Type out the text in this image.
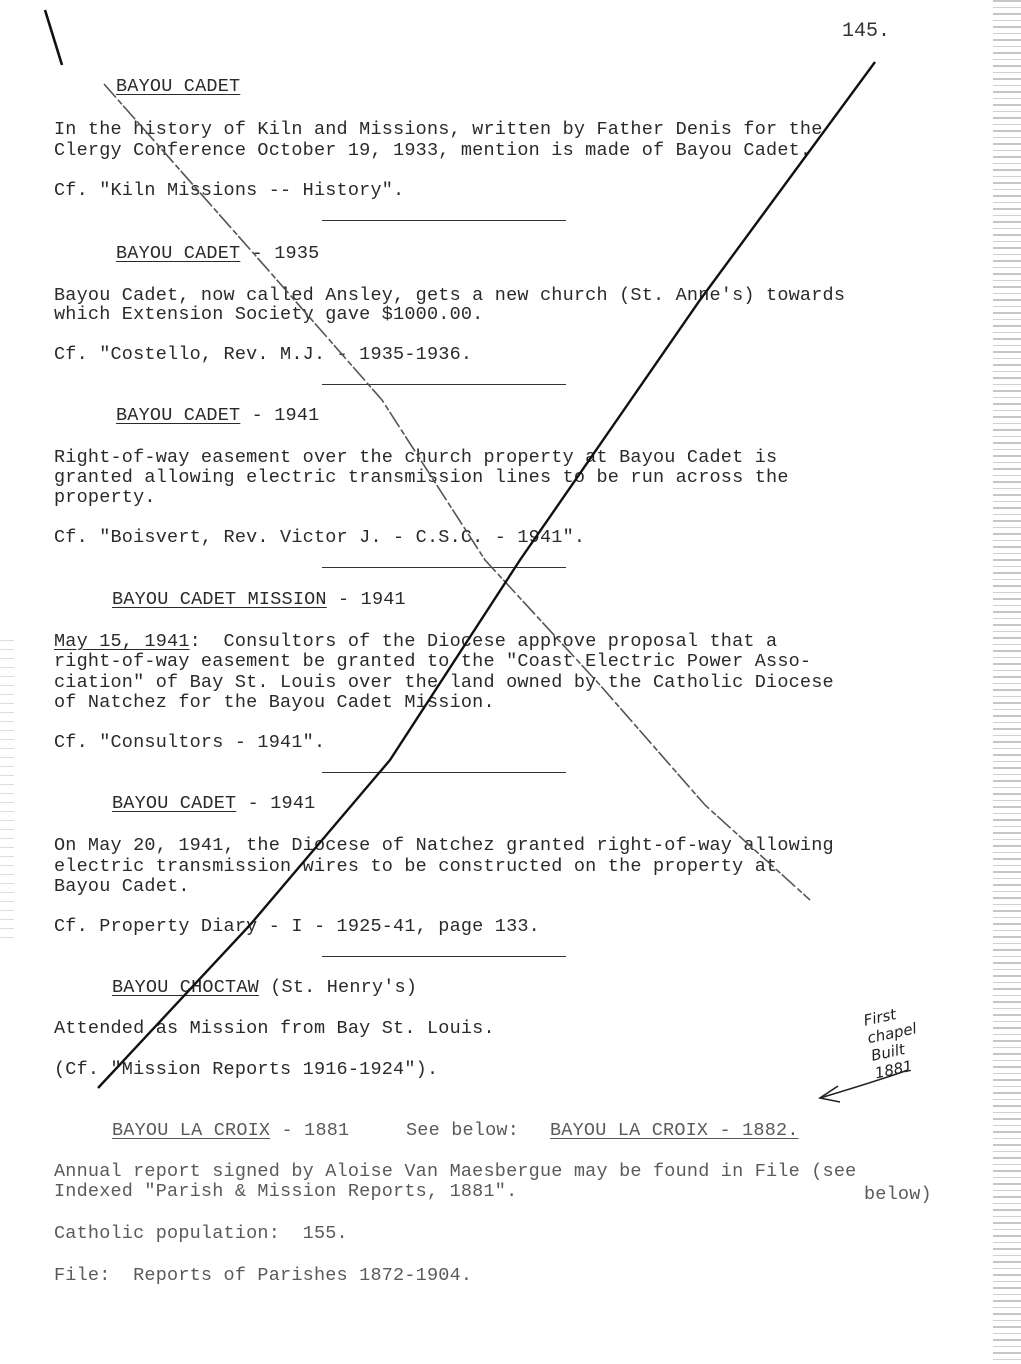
145.
BAYOU CADET
In the history of Kiln and Missions, written by Father Denis for the
Clergy Conference October 19, 1933, mention is made of Bayou Cadet.
Cf. "Kiln Missions -- History".
BAYOU CADET - 1935
Bayou Cadet, now called Ansley, gets a new church (St. Anne's) towards
which Extension Society gave $1000.00.
Cf. "Costello, Rev. M.J. - 1935-1936.
BAYOU CADET - 1941
Right-of-way easement over the church property at Bayou Cadet is
granted allowing electric transmission lines to be run across the
property.
Cf. "Boisvert, Rev. Victor J. - C.S.C. - 1941".
BAYOU CADET MISSION - 1941
May 15, 1941:  Consultors of the Diocese approve proposal that a
right-of-way easement be granted to the "Coast Electric Power Asso-
ciation" of Bay St. Louis over the land owned by the Catholic Diocese
of Natchez for the Bayou Cadet Mission.
Cf. "Consultors - 1941".
BAYOU CADET - 1941
On May 20, 1941, the Diocese of Natchez granted right-of-way allowing
electric transmission wires to be constructed on the property at
Bayou Cadet.
Cf. Property Diary - I - 1925-41, page 133.
BAYOU CHOCTAW (St. Henry's)
Attended as Mission from Bay St. Louis.
(Cf. "Mission Reports 1916-1924").
BAYOU LA CROIX - 1881	See below: BAYOU LA CROIX - 1882.
Annual report signed by Aloise Van Maesbergue may be found in File (see
Indexed "Parish & Mission Reports, 1881".	below)
Catholic population:  155.
File:  Reports of Parishes 1872-1904.
First
chapel
Built
1881
